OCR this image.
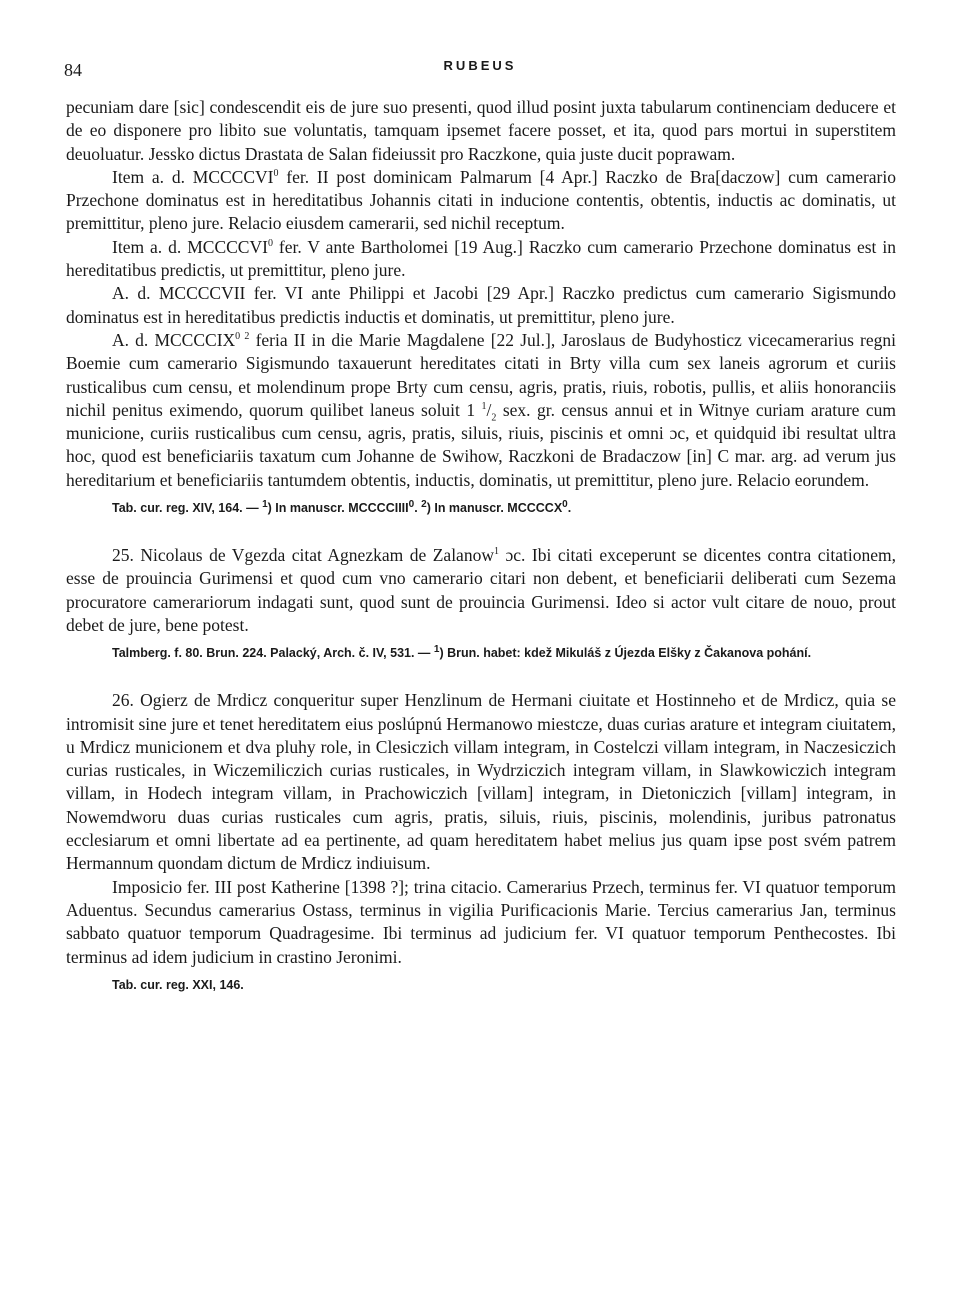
84	RUBEUS

pecuniam dare [sic] condescendit eis de jure suo presenti, quod illud posint juxta tabularum continenciam deducere et de eo disponere pro libito sue voluntatis, tamquam ipsemet facere posset, et ita, quod pars mortui in superstitem deuoluatur. Jessko dictus Drastata de Salan fideiussit pro Raczkone, quia juste ducit poprawam.

Item a. d. MCCCCVI$^0$ fer. II post dominicam Palmarum [4 Apr.] Raczko de Bra[daczow] cum camerario Przechone dominatus est in hereditatibus Johannis citati in inducione contentis, obtentis, inductis ac dominatis, ut premittitur, pleno jure. Relacio eiusdem camerarii, sed nichil receptum.

Item a. d. MCCCCVI$^0$ fer. V ante Bartholomei [19 Aug.] Raczko cum camerario Przechone dominatus est in hereditatibus predictis, ut premittitur, pleno jure.

A. d. MCCCCVII fer. VI ante Philippi et Jacobi [29 Apr.] Raczko predictus cum camerario Sigismundo dominatus est in hereditatibus predictis inductis et dominatis, ut premittitur, pleno jure.

A. d. $MCCCCIX^{0 2}$ feria II in die Marie Magdalene [22 Jul.], Jaroslaus de Budyhosticz vicecamerarius regni Boemie cum camerario Sigismundo taxauerunt hereditates citati in Brty villa cum sex laneis agrorum et curiis rusticalibus cum censu, et molendinum prope Brty cum censu, agris, pratis, riuis, robotis, pullis, et aliis honoranciis nichil penitus eximendo, quorum quilibet laneus soluit 1 $^1/_2$ sex. gr. census annui et in Witnye curiam arature cum municione, curiis rusticalibus cum censu, agris, pratis, siluis, riuis, piscinis et omni ɔc, et quidquid ibi resultat ultra hoc, quod est beneficiariis taxatum cum Johanne de Swihow, Raczkoni de Bradaczow [in] C mar. arg. ad verum jus hereditarium et beneficiariis tantumdem obtentis, inductis, dominatis, ut premittitur, pleno jure. Relacio eorundem.

Tab. cur. reg. XIV, 164. — $^1$) In manuscr. MCCCCIIII$^0$. $^2$) In manuscr. MCCCCX$^0$.

25. Nicolaus de Vgezda citat Agnezkam de Zalanow$^1$ ɔc. Ibi citati exceperunt se dicentes contra citationem, esse de prouincia Gurimensi et quod cum vno camerario citari non debent, et beneficiarii deliberati cum Sezema procuratore camerariorum indagati sunt, quod sunt de prouincia Gurimensi. Ideo si actor vult citare de nouo, prout debet de jure, bene potest.

Talmberg. f. 80. Brun. 224. Palacký, Arch. č. IV, 531. — $^1$) Brun. habet: kdež Mikuláš z Újezda Elšky z Čakanova pohání.

26. Ogierz de Mrdicz conqueritur super Henzlinum de Hermani ciuitate et Hostinneho et de Mrdicz, quia se intromisit sine jure et tenet hereditatem eius poslúpnú Hermanowo miestcze, duas curias arature et integram ciuitatem, u Mrdicz municionem et dva pluhy role, in Clesiczich villam integram, in Costelczi villam integram, in Naczesiczich curias rusticales, in Wiczemiliczich curias rusticales, in Wydrziczich integram villam, in Slawkowiczich integram villam, in Hodech integram villam, in Prachowiczich [villam] integram, in Dietoniczich [villam] integram, in Nowemdworu duas curias rusticales cum agris, pratis, siluis, riuis, piscinis, molendinis, juribus patronatus ecclesiarum et omni libertate ad ea pertinente, ad quam hereditatem habet melius jus quam ipse post svém patrem Hermannum quondam dictum de Mrdicz indiuisum.

Imposicio fer. III post Katherine [1398 ?]; trina citacio. Camerarius Przech, terminus fer. VI quatuor temporum Aduentus. Secundus camerarius Ostass, terminus in vigilia Purificacionis Marie. Tercius camerarius Jan, terminus sabbato quatuor temporum Quadragesime. Ibi terminus ad judicium fer. VI quatuor temporum Penthecostes. Ibi terminus ad idem judicium in crastino Jeronimi.

Tab. cur. reg. XXI, 146.
